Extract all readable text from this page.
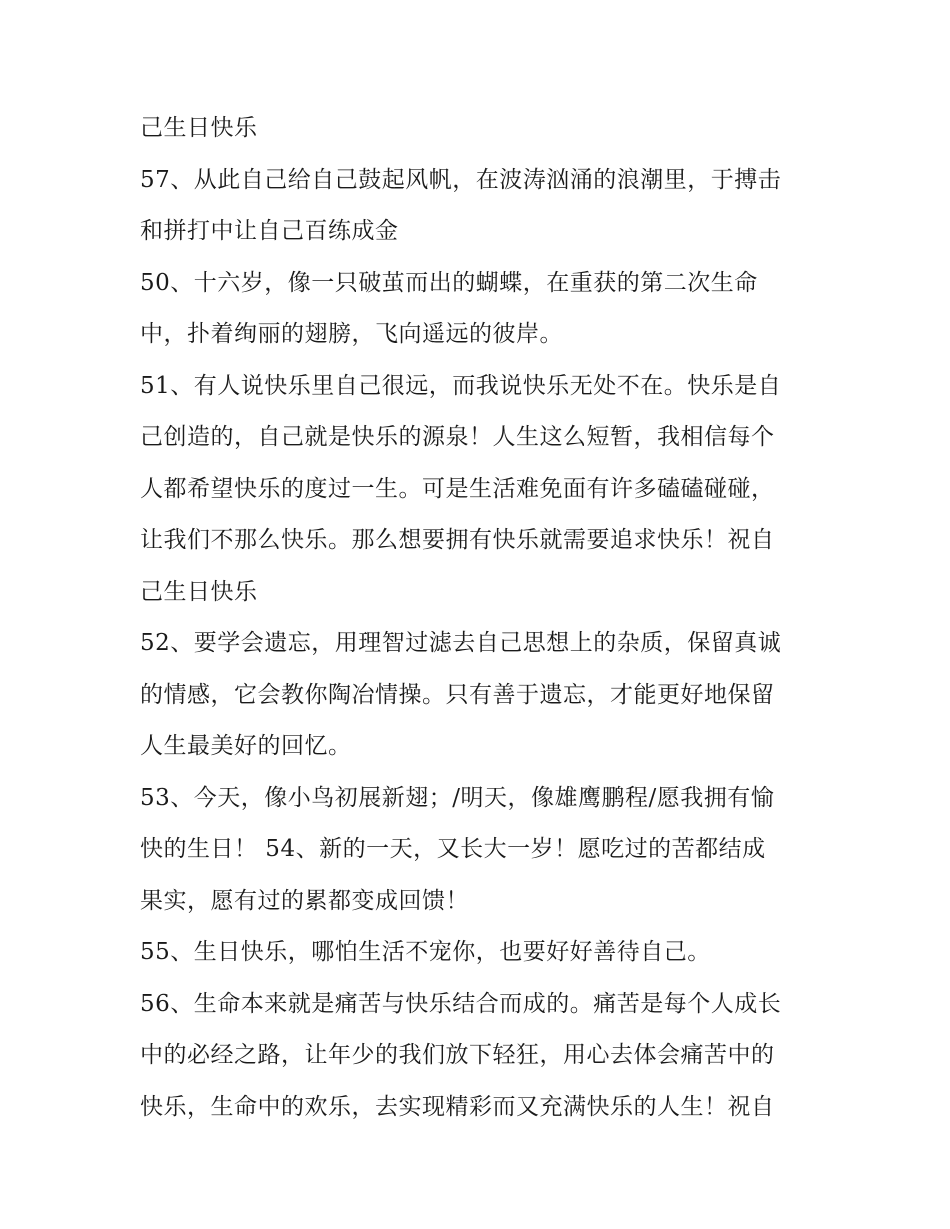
己生日快乐
57、从此自己给自己鼓起风帆，在波涛汹涌的浪潮里，于搏击
和拼打中让自己百练成金
50、十六岁，像一只破茧而出的蝴蝶，在重获的第二次生命
中，扑着绚丽的翅膀，飞向遥远的彼岸。
51、有人说快乐里自己很远，而我说快乐无处不在。快乐是自
己创造的，自己就是快乐的源泉！人生这么短暂，我相信每个
人都希望快乐的度过一生。可是生活难免面有许多磕磕碰碰，
让我们不那么快乐。那么想要拥有快乐就需要追求快乐！祝自
己生日快乐
52、要学会遗忘，用理智过滤去自己思想上的杂质，保留真诚
的情感，它会教你陶冶情操。只有善于遗忘，才能更好地保留
人生最美好的回忆。
53、今天，像小鸟初展新翅；/明天，像雄鹰鹏程/愿我拥有愉
快的生日！ 54、新的一天，又长大一岁！愿吃过的苦都结成
果实，愿有过的累都变成回馈！
55、生日快乐，哪怕生活不宠你，也要好好善待自己。
56、生命本来就是痛苦与快乐结合而成的。痛苦是每个人成长
中的必经之路，让年少的我们放下轻狂，用心去体会痛苦中的
快乐，生命中的欢乐，去实现精彩而又充满快乐的人生！祝自
